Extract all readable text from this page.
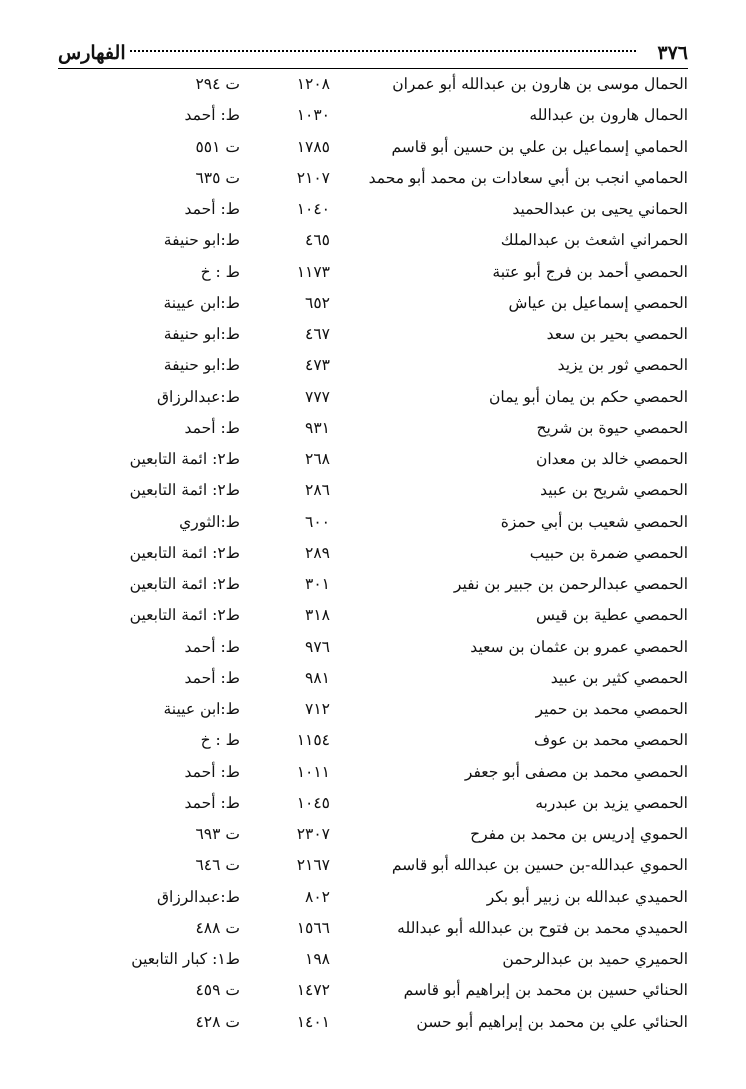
٣٧٦
الفهارس
الحمال موسى بن هارون بن عبدالله أبو عمران
١٢٠٨
ت ٢٩٤
الحمال هارون بن عبدالله
١٠٣٠
ط: أحمد
الحمامي إسماعيل بن علي بن حسين أبو قاسم
١٧٨٥
ت ٥٥١
الحمامي انجب بن أبي سعادات بن محمد أبو محمد
٢١٠٧
ت ٦٣٥
الحماني يحيى بن عبدالحميد
١٠٤٠
ط: أحمد
الحمراني اشعث بن عبدالملك
٤٦٥
ط:ابو حنيفة
الحمصي أحمد بن فرج أبو عتبة
١١٧٣
ط : خ
الحمصي إسماعيل بن عياش
٦٥٢
ط:ابن عيينة
الحمصي بحير بن سعد
٤٦٧
ط:ابو حنيفة
الحمصي ثور بن يزيد
٤٧٣
ط:ابو حنيفة
الحمصي حكم بن يمان أبو يمان
٧٧٧
ط:عبدالرزاق
الحمصي حيوة بن شريح
٩٣١
ط: أحمد
الحمصي خالد بن معدان
٢٦٨
ط٢: ائمة التابعين
الحمصي شريح بن عبيد
٢٨٦
ط٢: ائمة التابعين
الحمصي شعيب بن أبي حمزة
٦٠٠
ط:الثوري
الحمصي ضمرة بن حبيب
٢٨٩
ط٢: ائمة التابعين
الحمصي عبدالرحمن بن جبير بن نفير
٣٠١
ط٢: ائمة التابعين
الحمصي عطية بن قيس
٣١٨
ط٢: ائمة التابعين
الحمصي عمرو بن عثمان بن سعيد
٩٧٦
ط: أحمد
الحمصي كثير بن عبيد
٩٨١
ط: أحمد
الحمصي محمد بن حمير
٧١٢
ط:ابن عيينة
الحمصي محمد بن عوف
١١٥٤
ط : خ
الحمصي محمد بن مصفى أبو جعفر
١٠١١
ط: أحمد
الحمصي يزيد بن عبدربه
١٠٤٥
ط: أحمد
الحموي إدريس بن محمد بن مفرح
٢٣٠٧
ت ٦٩٣
الحموي عبدالله-بن حسين بن عبدالله أبو قاسم
٢١٦٧
ت ٦٤٦
الحميدي عبدالله بن زبير أبو بكر
٨٠٢
ط:عبدالرزاق
الحميدي محمد بن فتوح بن عبدالله أبو عبدالله
١٥٦٦
ت ٤٨٨
الحميري حميد بن عبدالرحمن
١٩٨
ط١: كبار التابعين
الحنائي حسين بن محمد بن إبراهيم أبو قاسم
١٤٧٢
ت ٤٥٩
الحنائي علي بن محمد بن إبراهيم أبو حسن
١٤٠١
ت ٤٢٨
